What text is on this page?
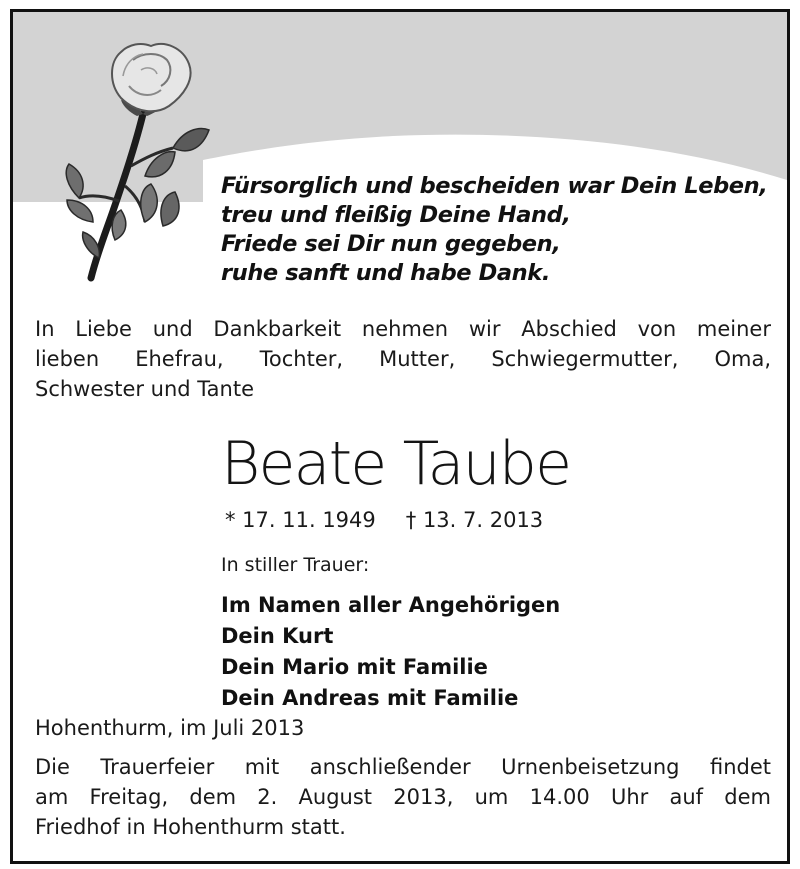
Fürsorglich und bescheiden war Dein Leben,
treu und fleißig Deine Hand,
Friede sei Dir nun gegeben,
ruhe sanft und habe Dank.
In Liebe und Dankbarkeit nehmen wir Abschied von meiner
lieben Ehefrau, Tochter, Mutter, Schwiegermutter, Oma,
Schwester und Tante
Beate Taube
* 17. 11. 1949 † 13. 7. 2013
In stiller Trauer:
Im Namen aller Angehörigen
Dein Kurt
Dein Mario mit Familie
Dein Andreas mit Familie
Hohenthurm, im Juli 2013
Die Trauerfeier mit anschließender Urnenbeisetzung findet
am Freitag, dem 2. August 2013, um 14.00 Uhr auf dem
Friedhof in Hohenthurm statt.
